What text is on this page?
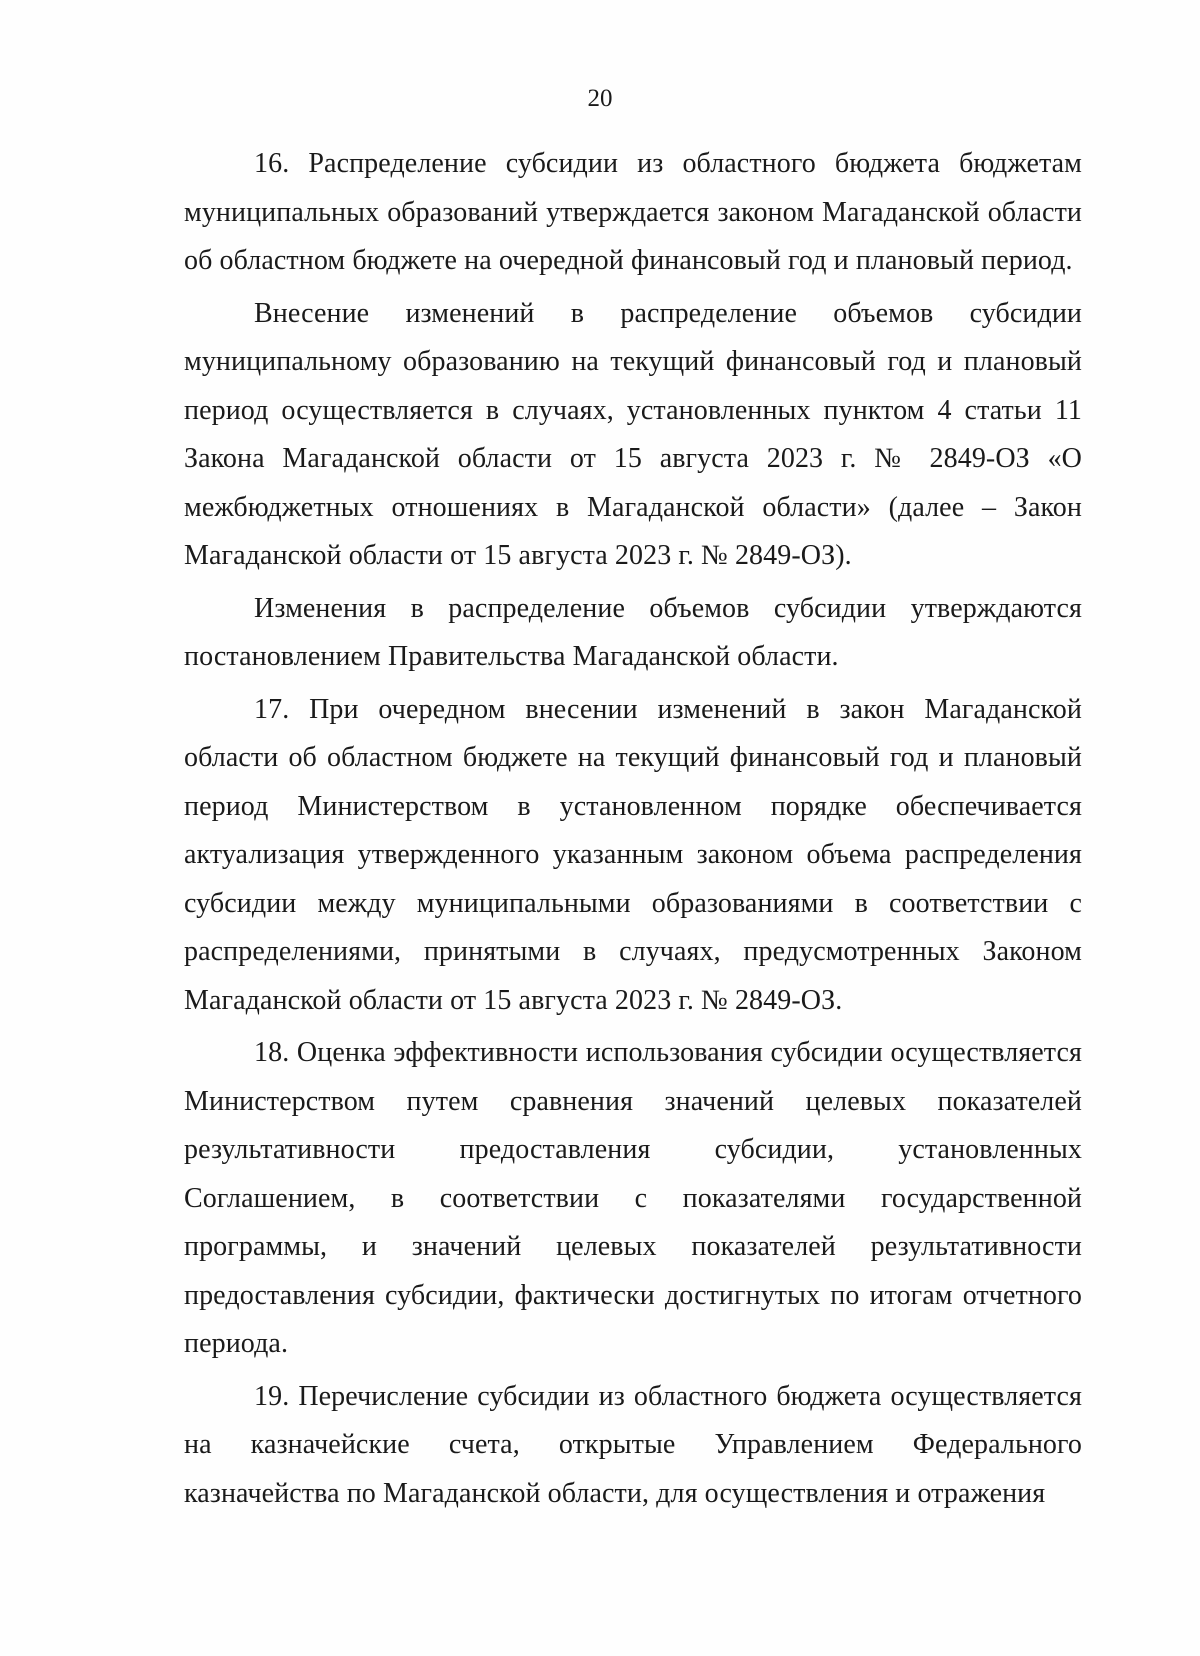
20

16. Распределение субсидии из областного бюджета бюджетам муниципальных образований утверждается законом Магаданской области об областном бюджете на очередной финансовый год и плановый период.

Внесение изменений в распределение объемов субсидии муниципальному образованию на текущий финансовый год и плановый период осуществляется в случаях, установленных пунктом 4 статьи 11 Закона Магаданской области от 15 августа 2023 г. № 2849-ОЗ «О межбюджетных отношениях в Магаданской области» (далее – Закон Магаданской области от 15 августа 2023 г. № 2849-ОЗ).

Изменения в распределение объемов субсидии утверждаются постановлением Правительства Магаданской области.

17. При очередном внесении изменений в закон Магаданской области об областном бюджете на текущий финансовый год и плановый период Министерством в установленном порядке обеспечивается актуализация утвержденного указанным законом объема распределения субсидии между муниципальными образованиями в соответствии с распределениями, принятыми в случаях, предусмотренных Законом Магаданской области от 15 августа 2023 г. № 2849-ОЗ.

18. Оценка эффективности использования субсидии осуществляется Министерством путем сравнения значений целевых показателей результативности предоставления субсидии, установленных Соглашением, в соответствии с показателями государственной программы, и значений целевых показателей результативности предоставления субсидии, фактически достигнутых по итогам отчетного периода.

19. Перечисление субсидии из областного бюджета осуществляется на казначейские счета, открытые Управлением Федерального казначейства по Магаданской области, для осуществления и отражения
